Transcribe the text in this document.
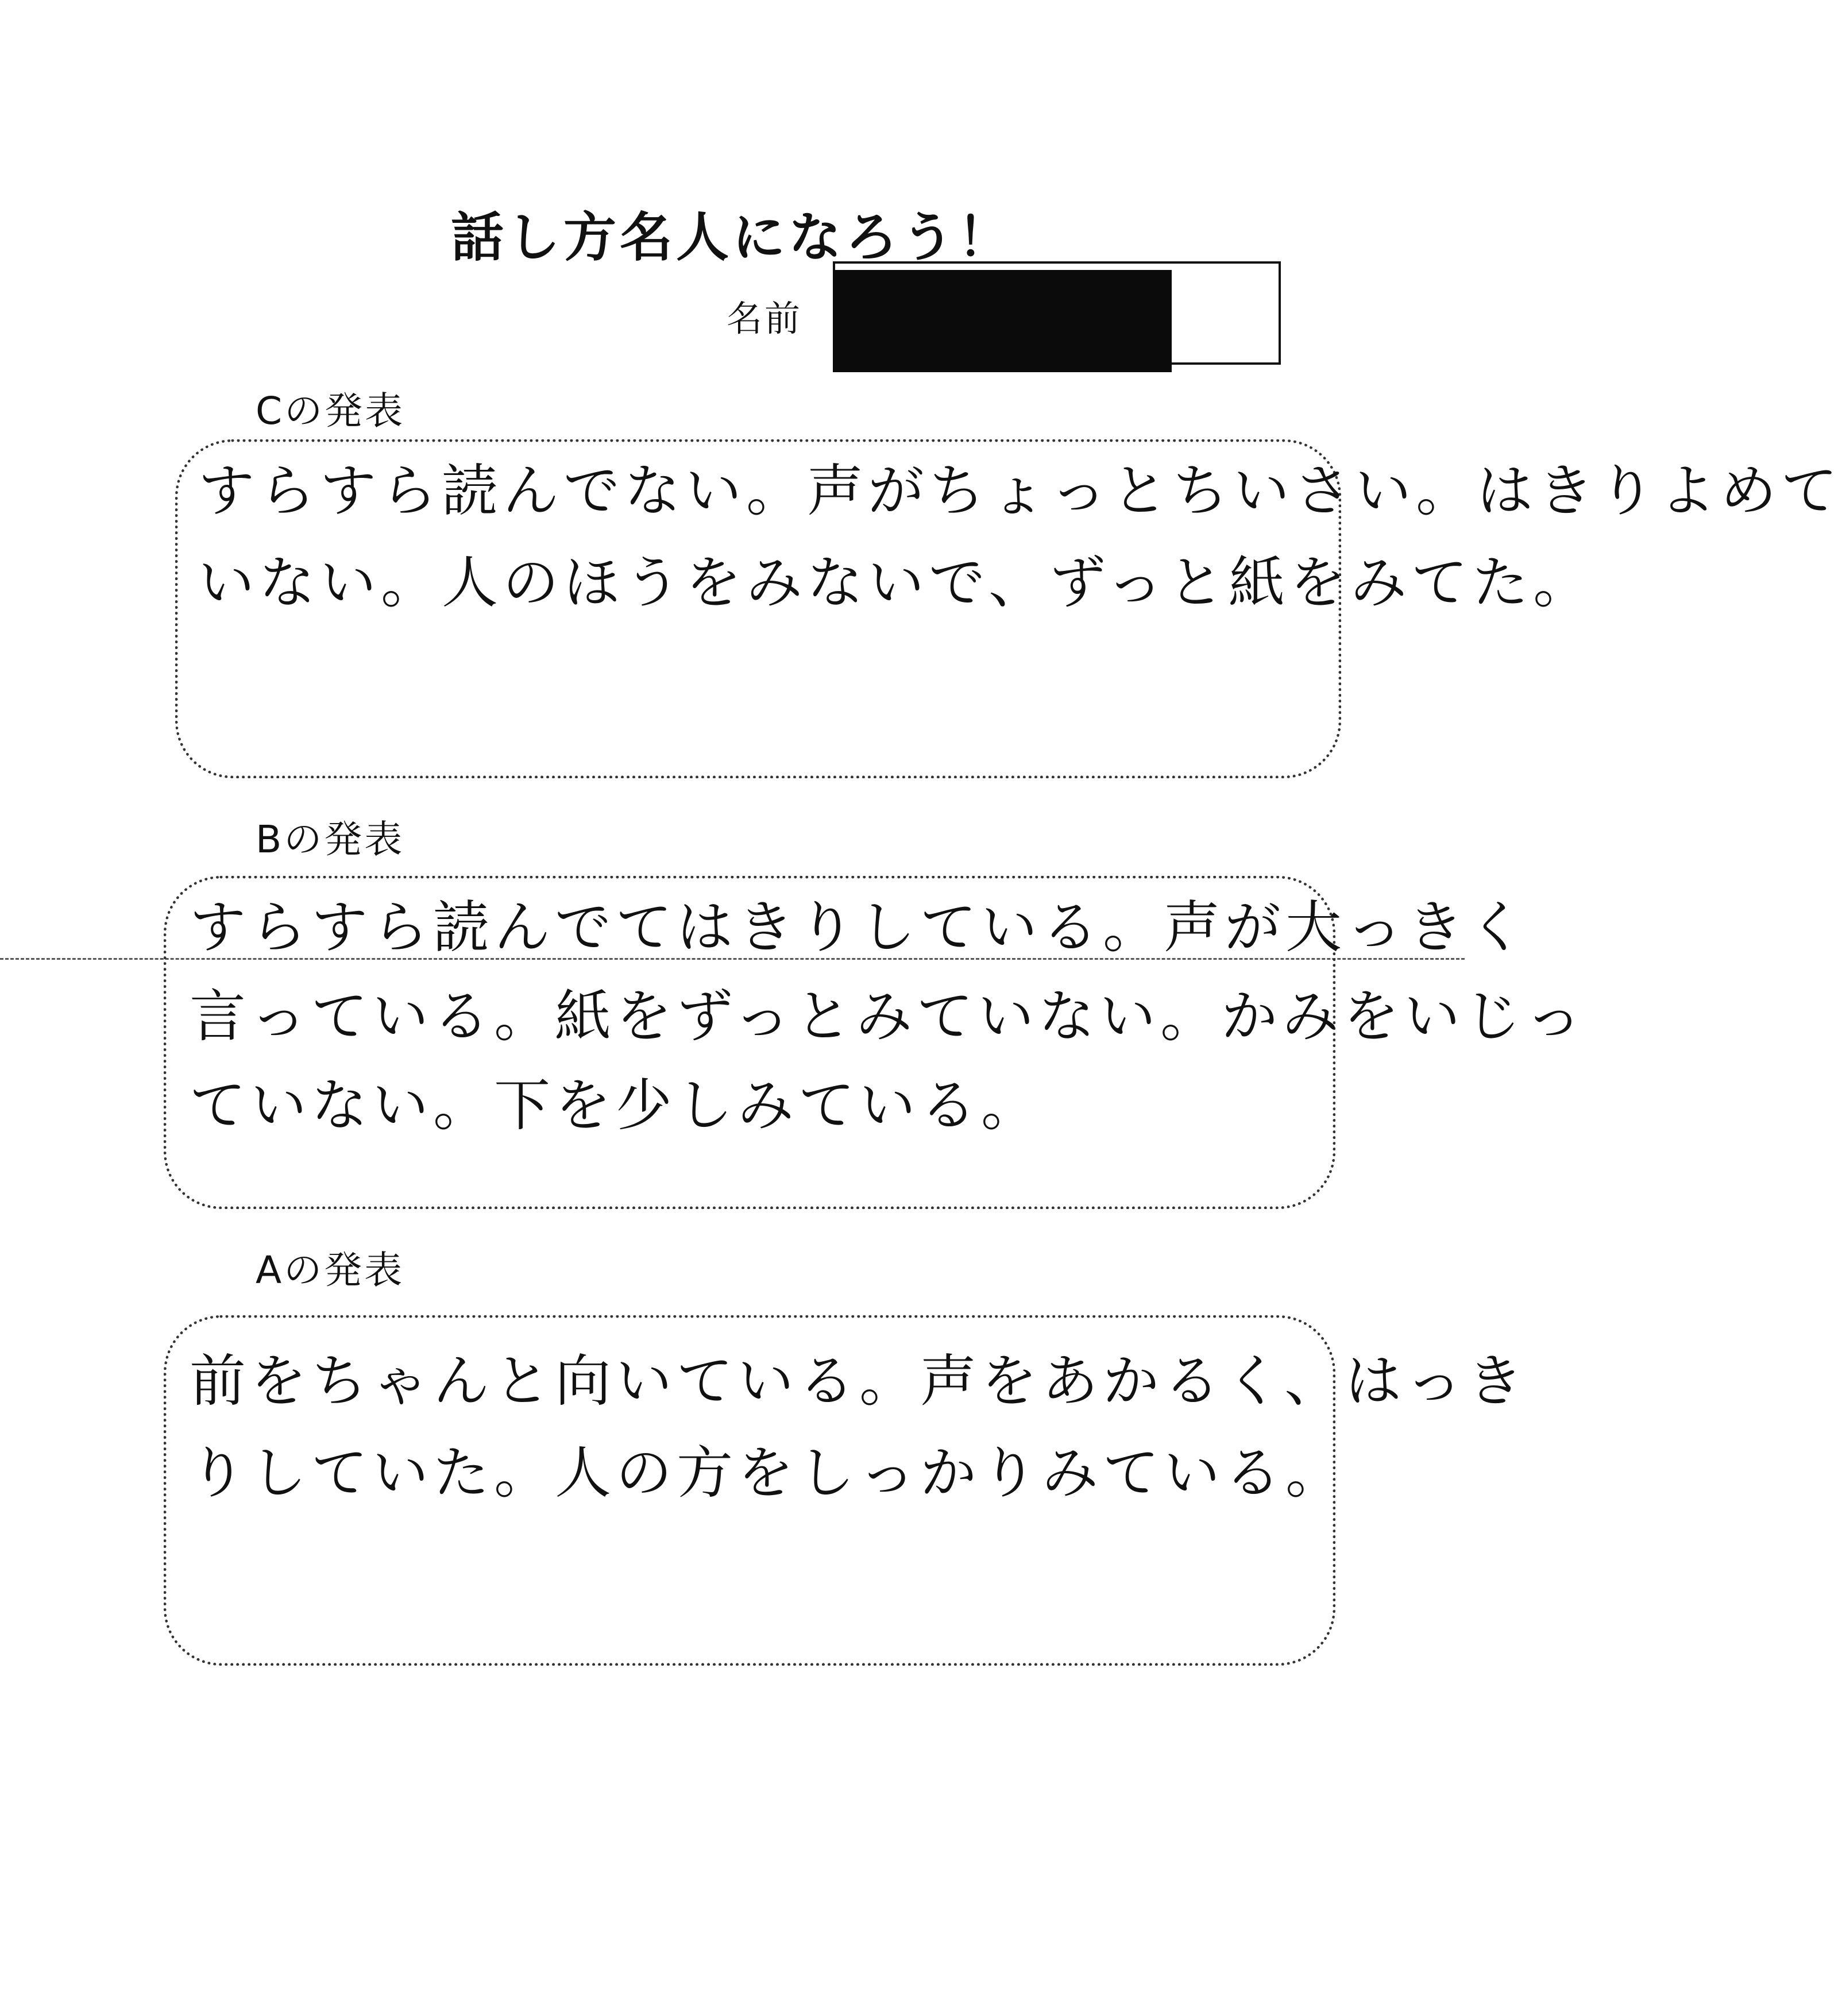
話し方名人になろう！
名前
Cの発表
すらすら読んでない。声がちょっとちいさい。はきりよめて
いない。人のほうをみないで、ずっと紙をみてた。
Bの発表
すらすら読んでてはきりしている。声が大っきく
言っている。紙をずっとみていない。かみをいじっ
ていない。下を少しみている。
Aの発表
前をちゃんと向いている。声をあかるく、はっき
りしていた。人の方をしっかりみている。
